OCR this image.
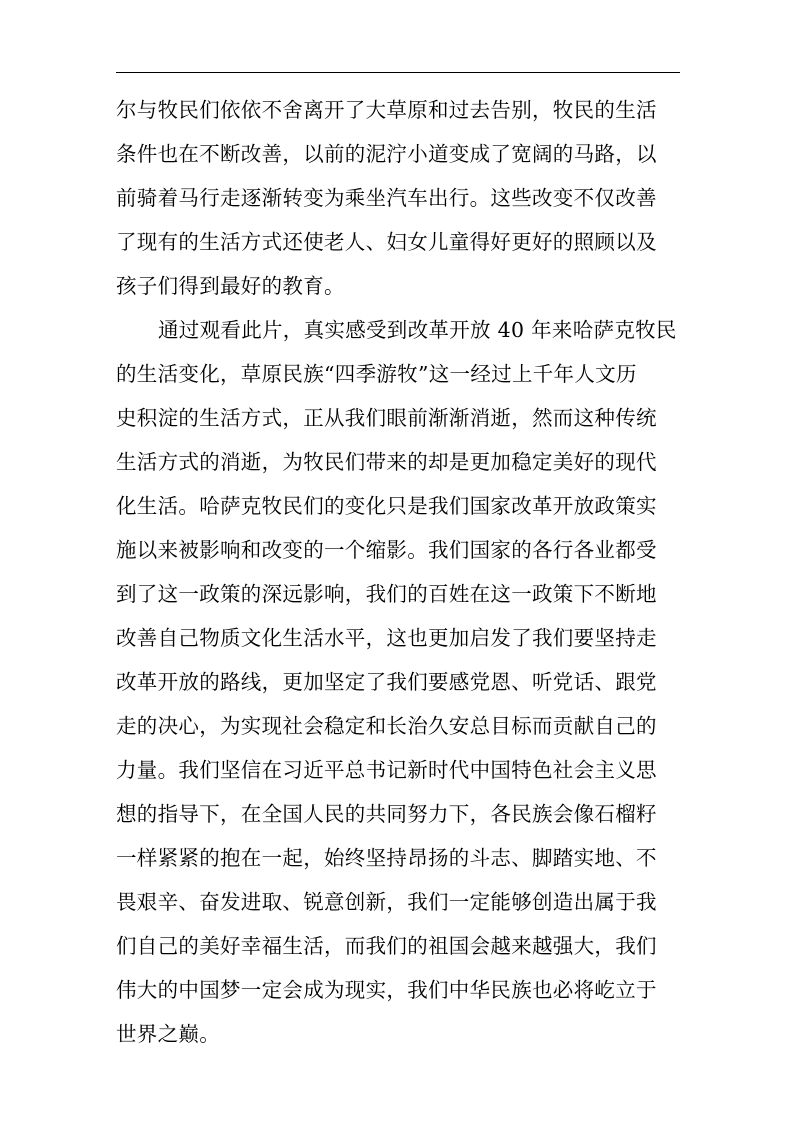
尔与牧民们依依不舍离开了大草原和过去告别，牧民的生活
条件也在不断改善，以前的泥泞小道变成了宽阔的马路，以
前骑着马行走逐渐转变为乘坐汽车出行。这些改变不仅改善
了现有的生活方式还使老人、妇女儿童得好更好的照顾以及
孩子们得到最好的教育。
通过观看此片，真实感受到改革开放 40 年来哈萨克牧民
的生活变化，草原民族“四季游牧”这一经过上千年人文历
史积淀的生活方式，正从我们眼前渐渐消逝，然而这种传统
生活方式的消逝，为牧民们带来的却是更加稳定美好的现代
化生活。哈萨克牧民们的变化只是我们国家改革开放政策实
施以来被影响和改变的一个缩影。我们国家的各行各业都受
到了这一政策的深远影响，我们的百姓在这一政策下不断地
改善自己物质文化生活水平，这也更加启发了我们要坚持走
改革开放的路线，更加坚定了我们要感党恩、听党话、跟党
走的决心，为实现社会稳定和长治久安总目标而贡献自己的
力量。我们坚信在习近平总书记新时代中国特色社会主义思
想的指导下，在全国人民的共同努力下，各民族会像石榴籽
一样紧紧的抱在一起，始终坚持昂扬的斗志、脚踏实地、不
畏艰辛、奋发进取、锐意创新，我们一定能够创造出属于我
们自己的美好幸福生活，而我们的祖国会越来越强大，我们
伟大的中国梦一定会成为现实，我们中华民族也必将屹立于
世界之巅。
